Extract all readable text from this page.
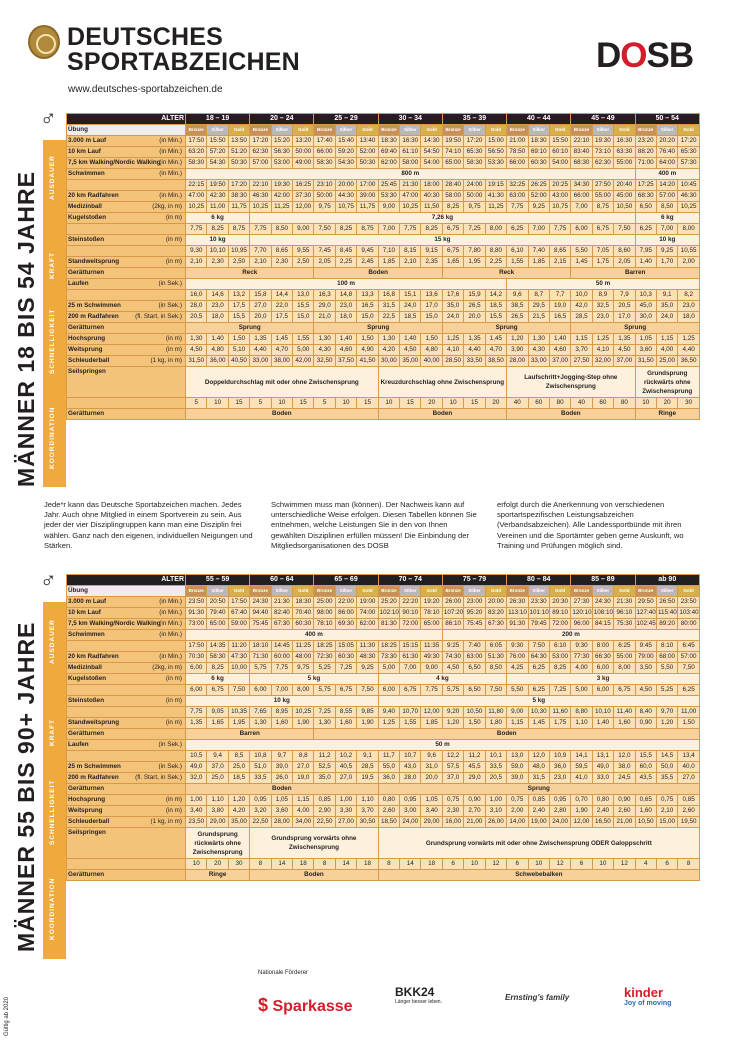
DEUTSCHES
SPORTABZEICHEN
www.deutsches-sportabzeichen.de
DOSB
MÄNNER 18 BIS 54 JAHRE
♂
AUSDAUER
KRAFT
SCHNELLIGKEIT
KOORDINATION
ALTER	18 – 19			20 – 24			25 – 29			30 – 34			35 – 39			40 – 44			45 – 49			50 – 54		
Übung	Bronze	Silber	Gold	Bronze	Silber	Gold	Bronze	Silber	Gold	Bronze	Silber	Gold	Bronze	Silber	Gold	Bronze	Silber	Gold	Bronze	Silber	Gold	Bronze	Silber	Gold

(in Min.)
3.000 m Lauf	17:50	15:50	13:50	17:20	15:20	13:20	17:40	15:40	13:40	18:30	16:30	14:30	19:50	17:20	15:00	21:00	18:30	15:50	22:10	19:30	16:30	23:20	20:20	17:20

(in Min.)
10 km Lauf	63:20	57:20	51:20	62:30	56:30	50:00	66:00	59:20	52:00	69:40	61:10	54:50	74:10	65:30	56:50	78:50	69:10	60:10	83:40	73:10	63:30	88:20	76:40	65:30

(in Min.)
7,5 km Walking/Nordic Walking	58:30	54:30	50:30	57:00	53:00	49:00	58:30	54:30	50:30	62:00	58:00	54:00	65:00	58:30	53:30	66:00	60:30	54:00	68:30	62:30	55:00	71:00	64:00	57:30

(in Min.)
Schwimmen	800 m																					400 m		

	22:15	19:50	17:20	22:10	19:30	16:25	23:10	20:00	17:00	25:45	21:30	18:00	28:40	24:00	19:15	32:25	26:25	20:25	34:30	27:50	20:40	17:25	14:20	10:45

(in Min.)
20 km Radfahren	47:00	42:30	38:30	46:30	42:00	37:30	50:00	44:30	39:00	53:30	47:00	40:30	58:00	50:00	41:30	63:00	52:00	43:00	66:00	55:00	45:00	68:30	57:00	46:30

(2kg, in m)
Medizinball	10,25	11,00	11,75	10,25	11,25	12,00	9,75	10,75	11,75	9,00	10,25	11,50	8,25	9,75	11,25	7,75	9,25	10,75	7,00	8,75	10,50	6,50	8,50	10,25

(in m)
Kugelstoßen	6 kg			7,26 kg																		6 kg		

	7,75	8,25	8,75	7,75	8,50	9,00	7,50	8,25	8,75	7,00	7,75	8,25	6,75	7,25	8,00	6,25	7,00	7,75	6,00	6,75	7,50	6,25	7,00	8,00

(in m)
Steinstoßen	10 kg			15 kg																		10 kg		

	9,30	10,10	10,95	7,70	8,65	9,55	7,45	8,45	9,45	7,10	8,15	9,15	6,75	7,80	8,80	6,10	7,40	8,65	5,50	7,05	8,60	7,95	9,25	10,55

(in m)
Standweitsprung	2,10	2,30	2,50	2,10	2,30	2,50	2,05	2,25	2,45	1,85	2,10	2,35	1,65	1,95	2,25	1,55	1,85	2,15	1,45	1,75	2,05	1,40	1,70	2,00

Gerätturnen	Reck						Boden						Reck						Barren					

(in Sek.)
Laufen	100 m															50 m								

	16,0	14,6	13,2	15,8	14,4	13,0	16,3	14,8	13,3	16,8	15,1	13,6	17,6	15,9	14,2	9,6	8,7	7,7	10,0	8,9	7,9	10,3	9,1	8,2

(in Sek.)
25 m Schwimmen	28,0	23,0	17,5	27,0	22,0	15,5	29,0	23,0	16,5	31,5	24,0	17,0	35,0	26,5	18,5	38,5	29,5	19,0	42,0	32,5	20,5	45,0	35,0	23,0

(fl. Start, in Sek.)
200 m Radfahren	20,5	18,0	15,5	20,0	17,5	15,0	21,0	18,0	15,0	22,5	18,5	15,0	24,0	20,0	15,5	26,5	21,5	16,5	28,5	23,0	17,0	30,0	24,0	18,0

Gerätturnen	Sprung						Sprung						Sprung						Sprung					

(in m)
Hochsprung	1,30	1,40	1,50	1,35	1,45	1,55	1,30	1,40	1,50	1,30	1,40	1,50	1,25	1,35	1,45	1,20	1,30	1,40	1,15	1,25	1,35	1,05	1,15	1,25

(in m)
Weitsprung	4,50	4,80	5,10	4,40	4,70	5,00	4,30	4,60	4,90	4,20	4,50	4,80	4,10	4,40	4,70	3,90	4,30	4,60	3,70	4,10	4,50	3,60	4,00	4,40

(1 kg, in m)
Schleuderball	31,50	36,00	40,50	33,00	38,00	42,00	32,50	37,50	41,50	30,00	35,00	40,00	28,50	33,50	38,50	28,00	33,00	37,00	27,50	32,00	37,00	31,50	25,00	36,50

Seilspringen	Doppeldurchschlag mit oder ohne Zwischensprung									Kreuzdurchschlag ohne Zwischensprung						Laufschritt+Jogging-Step ohne Zwischensprung						Grundsprung rückwärts ohne Zwischensprung		

	5	10	15	5	10	15	5	10	15	10	15	20	10	15	20	40	60	80	40	60	80	10	20	30

Gerätturnen	Boden									Boden						Boden						Ringe		
Jede*r kann das Deutsche Sportabzeichen machen. Jedes Jahr. Auch ohne Mitglied in einem Sportverein zu sein. Aus jeder der vier Disziplingruppen kann man eine Disziplin frei wählen. Ganz nach den eigenen, individuellen Neigungen und Stärken.
Schwimmen muss man (können). Der Nachweis kann auf unterschiedliche Weise erfolgen. Diesen Tabellen können Sie entnehmen, welche Leistungen Sie in den von Ihnen gewählten Disziplinen erfüllen müssen! Die Einbindung der Mitgliedsorganisationen des DOSB
erfolgt durch die Anerkennung von verschiedenen sportartspezifischen Leistungsabzeichen (Verbandsabzeichen). Alle Landessportbünde mit ihren Vereinen und die Sportämter geben gerne Auskunft, wo Training und Prüfungen möglich sind.
MÄNNER 55 BIS 90+ JAHRE
♂
AUSDAUER
KRAFT
SCHNELLIGKEIT
KOORDINATION
ALTER	55 – 59			60 – 64			65 – 69			70 – 74			75 – 79			80 – 84			85 – 89			ab 90		
Übung	Bronze	Silber	Gold	Bronze	Silber	Gold	Bronze	Silber	Gold	Bronze	Silber	Gold	Bronze	Silber	Gold	Bronze	Silber	Gold	Bronze	Silber	Gold	Bronze	Silber	Gold

(in Min.)
3.000 m Lauf	23:50	20:50	17:50	24:30	21:30	18:30	25:00	22:00	19:00	25:20	22:20	19:20	26:00	23:00	20:00	26:30	23:30	20:30	27:30	24:30	21:30	29:50	26:50	23:50

(in Min.)
10 km Lauf	91:30	79:40	67:40	94:40	82:40	70:40	98:00	86:00	74:00	102:10	90:10	78:10	107:20	95:20	83:20	113:10	101:10	89:10	120:10	108:10	96:10	127:40	115:40	103:40

(in Min.)
7,5 km Walking/Nordic Walking	73:00	65:00	59:00	75:45	67:30	60:30	78:10	69:30	62:00	81:30	72:00	65:00	86:10	75:45	67:30	91:30	79:45	72:00	96:00	84:15	75:30	102:45	89:20	80:00

(in Min.)
Schwimmen	400 m												200 m											

	17:50	14:35	11:20	18:10	14:45	11:25	18:25	15:05	11:30	18:25	15:15	11:35	9:25	7:40	6:05	9:30	7:50	6:10	9:30	8:00	6:25	9:45	8:10	6:45

(in Min.)
20 km Radfahren	70:30	58:30	47:30	71:30	60:00	48:00	72:30	60:30	48:30	73:30	61:30	49:30	74:30	63:00	51:30	76:00	64:30	53:00	77:30	66:30	55:00	79:00	68:00	57:00

(2kg, in m)
Medizinball	6,00	8,25	10,00	5,75	7,75	9,75	5,25	7,25	9,25	5,00	7,00	9,00	4,50	6,50	8,50	4,25	6,25	8,25	4,00	6,00	8,00	3,50	5,50	7,50

(in m)
Kugelstoßen	6 kg			5 kg						4 kg						3 kg								

	6,00	6,75	7,50	6,00	7,00	8,00	5,75	6,75	7,50	6,00	6,75	7,75	5,75	6,50	7,50	5,50	6,25	7,25	5,00	6,00	6,75	4,50	5,25	6,25

(in m)
Steinstoßen	10 kg									5 kg														

	7,75	9,05	10,35	7,65	8,95	10,25	7,25	8,55	9,85	9,40	10,70	12,00	9,20	10,50	11,80	9,00	10,30	11,60	8,80	10,10	11,40	8,40	9,70	11,00

(in m)
Standweitsprung	1,35	1,65	1,95	1,30	1,60	1,90	1,30	1,60	1,90	1,25	1,55	1,85	1,20	1,50	1,80	1,15	1,45	1,75	1,10	1,40	1,60	0,90	1,20	1,50

Gerätturnen	Barren						Boden																	

(in Sek.)
Laufen	50 m																							

	10,5	9,4	8,5	10,8	9,7	8,8	11,2	10,2	9,1	11,7	10,7	9,6	12,2	11,2	10,1	13,0	12,0	10,9	14,1	13,1	12,0	15,5	14,5	13,4

(in Sek.)
25 m Schwimmen	49,0	37,0	25,0	51,0	39,0	27,0	52,5	40,5	28,5	55,0	43,0	31,0	57,5	45,5	33,5	59,0	48,0	36,0	59,5	49,0	38,0	60,0	50,0	40,0

(fl. Start, in Sek.)
200 m Radfahren	32,0	25,0	18,5	33,5	26,0	19,0	35,0	27,0	19,5	36,0	28,0	20,0	37,0	29,0	20,5	39,0	31,5	23,0	41,0	33,0	24,5	43,5	35,5	27,0

Gerätturnen	Boden									Sprung														

(in m)
Hochsprung	1,00	1,10	1,20	0,95	1,05	1,15	0,85	1,00	1,10	0,80	0,95	1,05	0,75	0,90	1,00	0,75	0,85	0,95	0,70	0,80	0,90	0,65	0,75	0,85

(in m)
Weitsprung	3,40	3,80	4,20	3,20	3,60	4,00	2,90	3,30	3,70	2,60	3,00	3,40	2,30	2,70	3,10	2,00	2,40	2,80	1,90	2,40	2,60	1,60	2,10	2,60

(1 kg, in m)
Schleuderball	23,50	29,00	35,00	22,50	28,00	34,00	22,50	27,00	30,50	18,50	24,00	29,00	16,00	21,00	26,00	14,00	19,00	24,00	12,00	16,50	21,00	10,50	15,00	19,50

Seilspringen	Grundsprung rückwärts ohne Zwischensprung			Grundsprung vorwärts ohne Zwischensprung						Grundsprung vorwärts mit oder ohne Zwischensprung ODER Galoppschritt														

	10	20	30	8	14	18	8	14	18	8	14	18	6	10	12	6	10	12	6	10	12	4	6	8

Gerätturnen	Ringe			Boden						Schwebebalken														
Nationale Förderer
$ Sparkasse
BKK24
Länger besser leben.	Ernsting's family	kinder
Joy of moving
Gültig ab 2020
